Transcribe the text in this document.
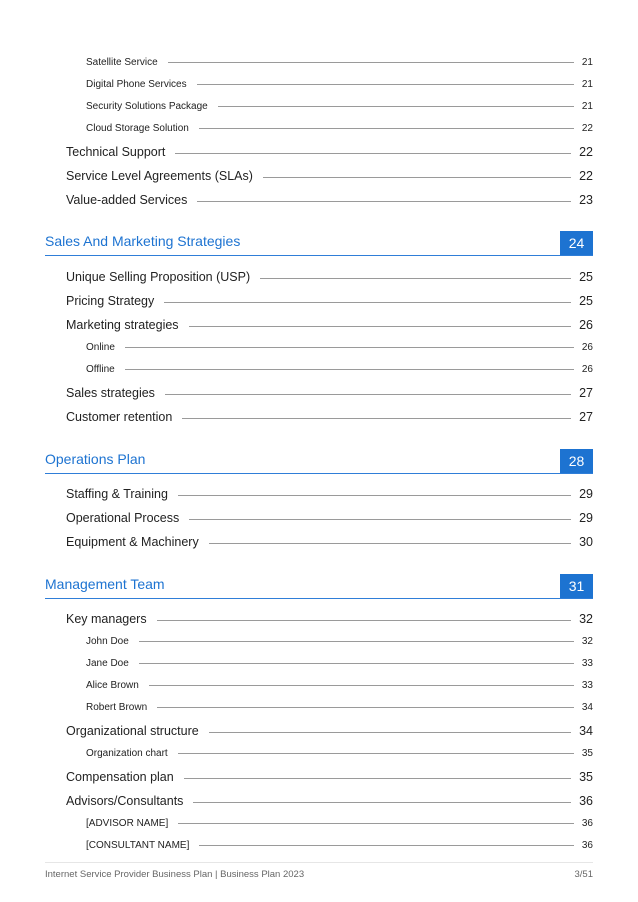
Satellite Service	21
Digital Phone Services	21
Security Solutions Package	21
Cloud Storage Solution	22
Technical Support	22
Service Level Agreements (SLAs)	22
Value-added Services	23
Sales And Marketing Strategies	24
Unique Selling Proposition (USP)	25
Pricing Strategy	25
Marketing strategies	26
Online	26
Offline	26
Sales strategies	27
Customer retention	27
Operations Plan	28
Staffing & Training	29
Operational Process	29
Equipment & Machinery	30
Management Team	31
Key managers	32
John Doe	32
Jane Doe	33
Alice Brown	33
Robert Brown	34
Organizational structure	34
Organization chart	35
Compensation plan	35
Advisors/Consultants	36
[ADVISOR NAME]	36
[CONSULTANT NAME]	36
Internet Service Provider Business Plan | Business Plan 2023	3/51
